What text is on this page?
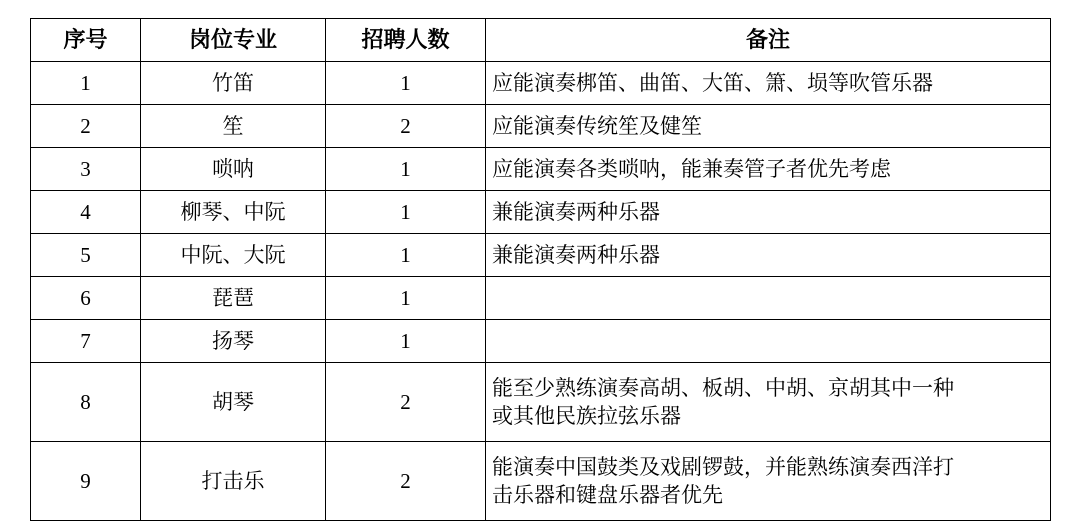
序号	岗位专业	招聘人数	备注
1	竹笛	1	应能演奏梆笛、曲笛、大笛、箫、埙等吹管乐器
2	笙	2	应能演奏传统笙及健笙
3	唢呐	1	应能演奏各类唢呐，能兼奏管子者优先考虑
4	柳琴、中阮	1	兼能演奏两种乐器
5	中阮、大阮	1	兼能演奏两种乐器
6	琵琶	1	
7	扬琴	1	
8	胡琴	2	能至少熟练演奏高胡、板胡、中胡、京胡其中一种
或其他民族拉弦乐器

9	打击乐	2	能演奏中国鼓类及戏剧锣鼓，并能熟练演奏西洋打
击乐器和键盘乐器者优先
